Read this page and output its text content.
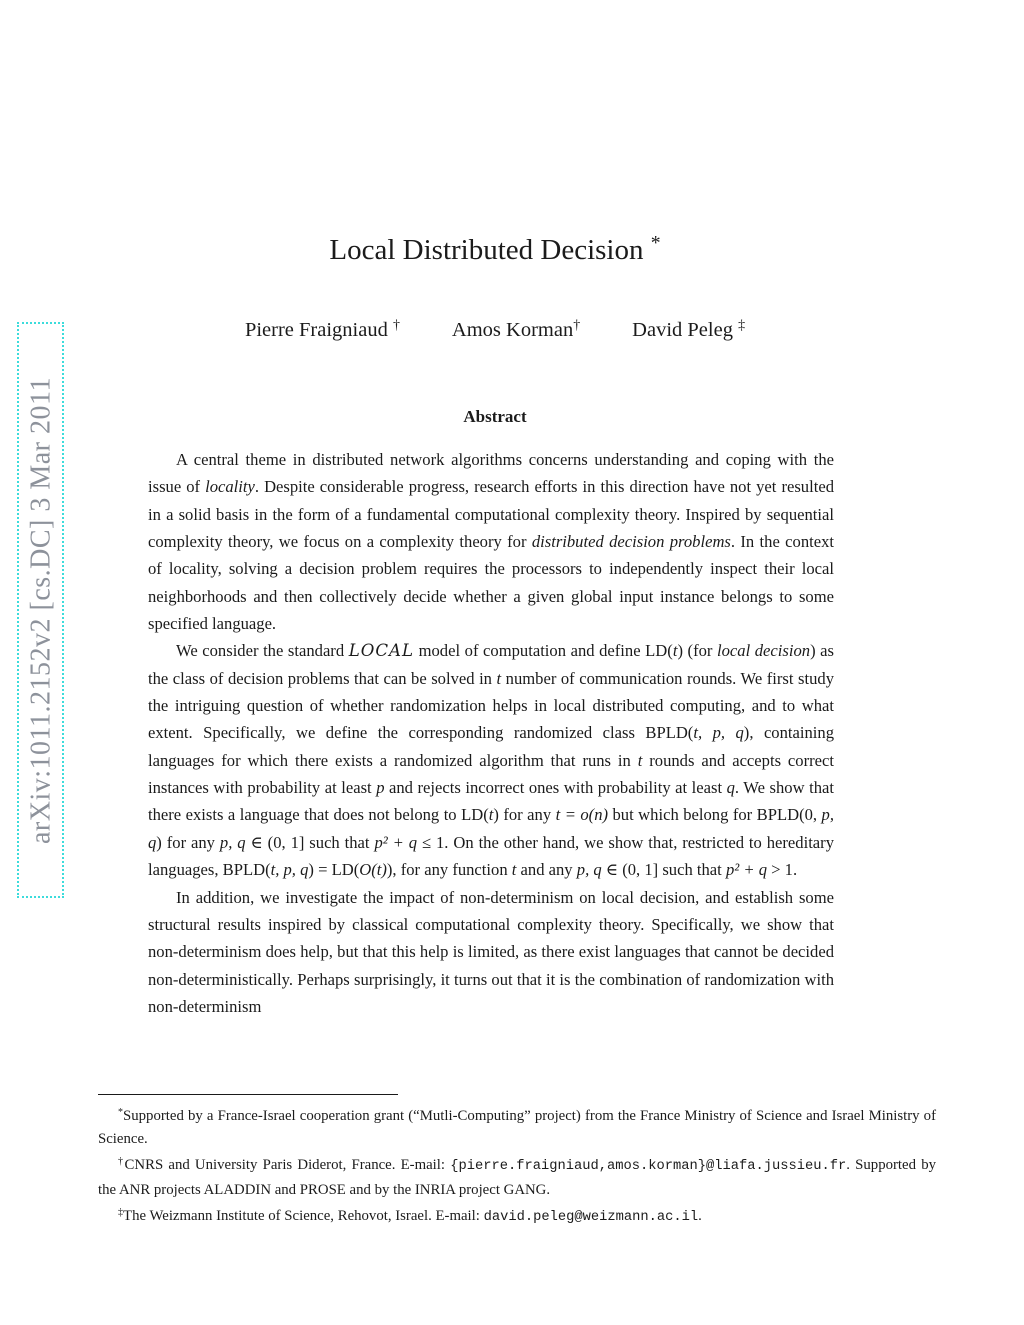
arXiv:1011.2152v2 [cs.DC] 3 Mar 2011
Local Distributed Decision *
Pierre Fraigniaud †	Amos Korman†	David Peleg ‡
Abstract

A central theme in distributed network algorithms concerns understanding and coping with the issue of locality. Despite considerable progress, research efforts in this direction have not yet resulted in a solid basis in the form of a fundamental computational complexity theory. Inspired by sequential complexity theory, we focus on a complexity theory for distributed decision problems. In the context of locality, solving a decision problem requires the processors to independently inspect their local neighborhoods and then collectively decide whether a given global input instance belongs to some specified language.

We consider the standard LOCAL model of computation and define LD(t) (for local decision) as the class of decision problems that can be solved in t number of communication rounds. We first study the intriguing question of whether randomization helps in local distributed computing, and to what extent. Specifically, we define the corresponding randomized class BPLD(t, p, q), containing languages for which there exists a randomized algorithm that runs in t rounds and accepts correct instances with probability at least p and rejects incorrect ones with probability at least q. We show that there exists a language that does not belong to LD(t) for any t = o(n) but which belong for BPLD(0, p, q) for any p, q ∈ (0, 1] such that p² + q ≤ 1. On the other hand, we show that, restricted to hereditary languages, BPLD(t, p, q) = LD(O(t)), for any function t and any p, q ∈ (0, 1] such that p² + q > 1.

In addition, we investigate the impact of non-determinism on local decision, and establish some structural results inspired by classical computational complexity theory. Specifically, we show that non-determinism does help, but that this help is limited, as there exist languages that cannot be decided non-deterministically. Perhaps surprisingly, it turns out that it is the combination of randomization with non-determinism

*Supported by a France-Israel cooperation grant (“Mutli-Computing” project) from the France Ministry of Science and Israel Ministry of Science.

†CNRS and University Paris Diderot, France. E-mail: {pierre.fraigniaud,amos.korman}@liafa.jussieu.fr. Supported by the ANR projects ALADDIN and PROSE and by the INRIA project GANG.

‡The Weizmann Institute of Science, Rehovot, Israel. E-mail: david.peleg@weizmann.ac.il.
